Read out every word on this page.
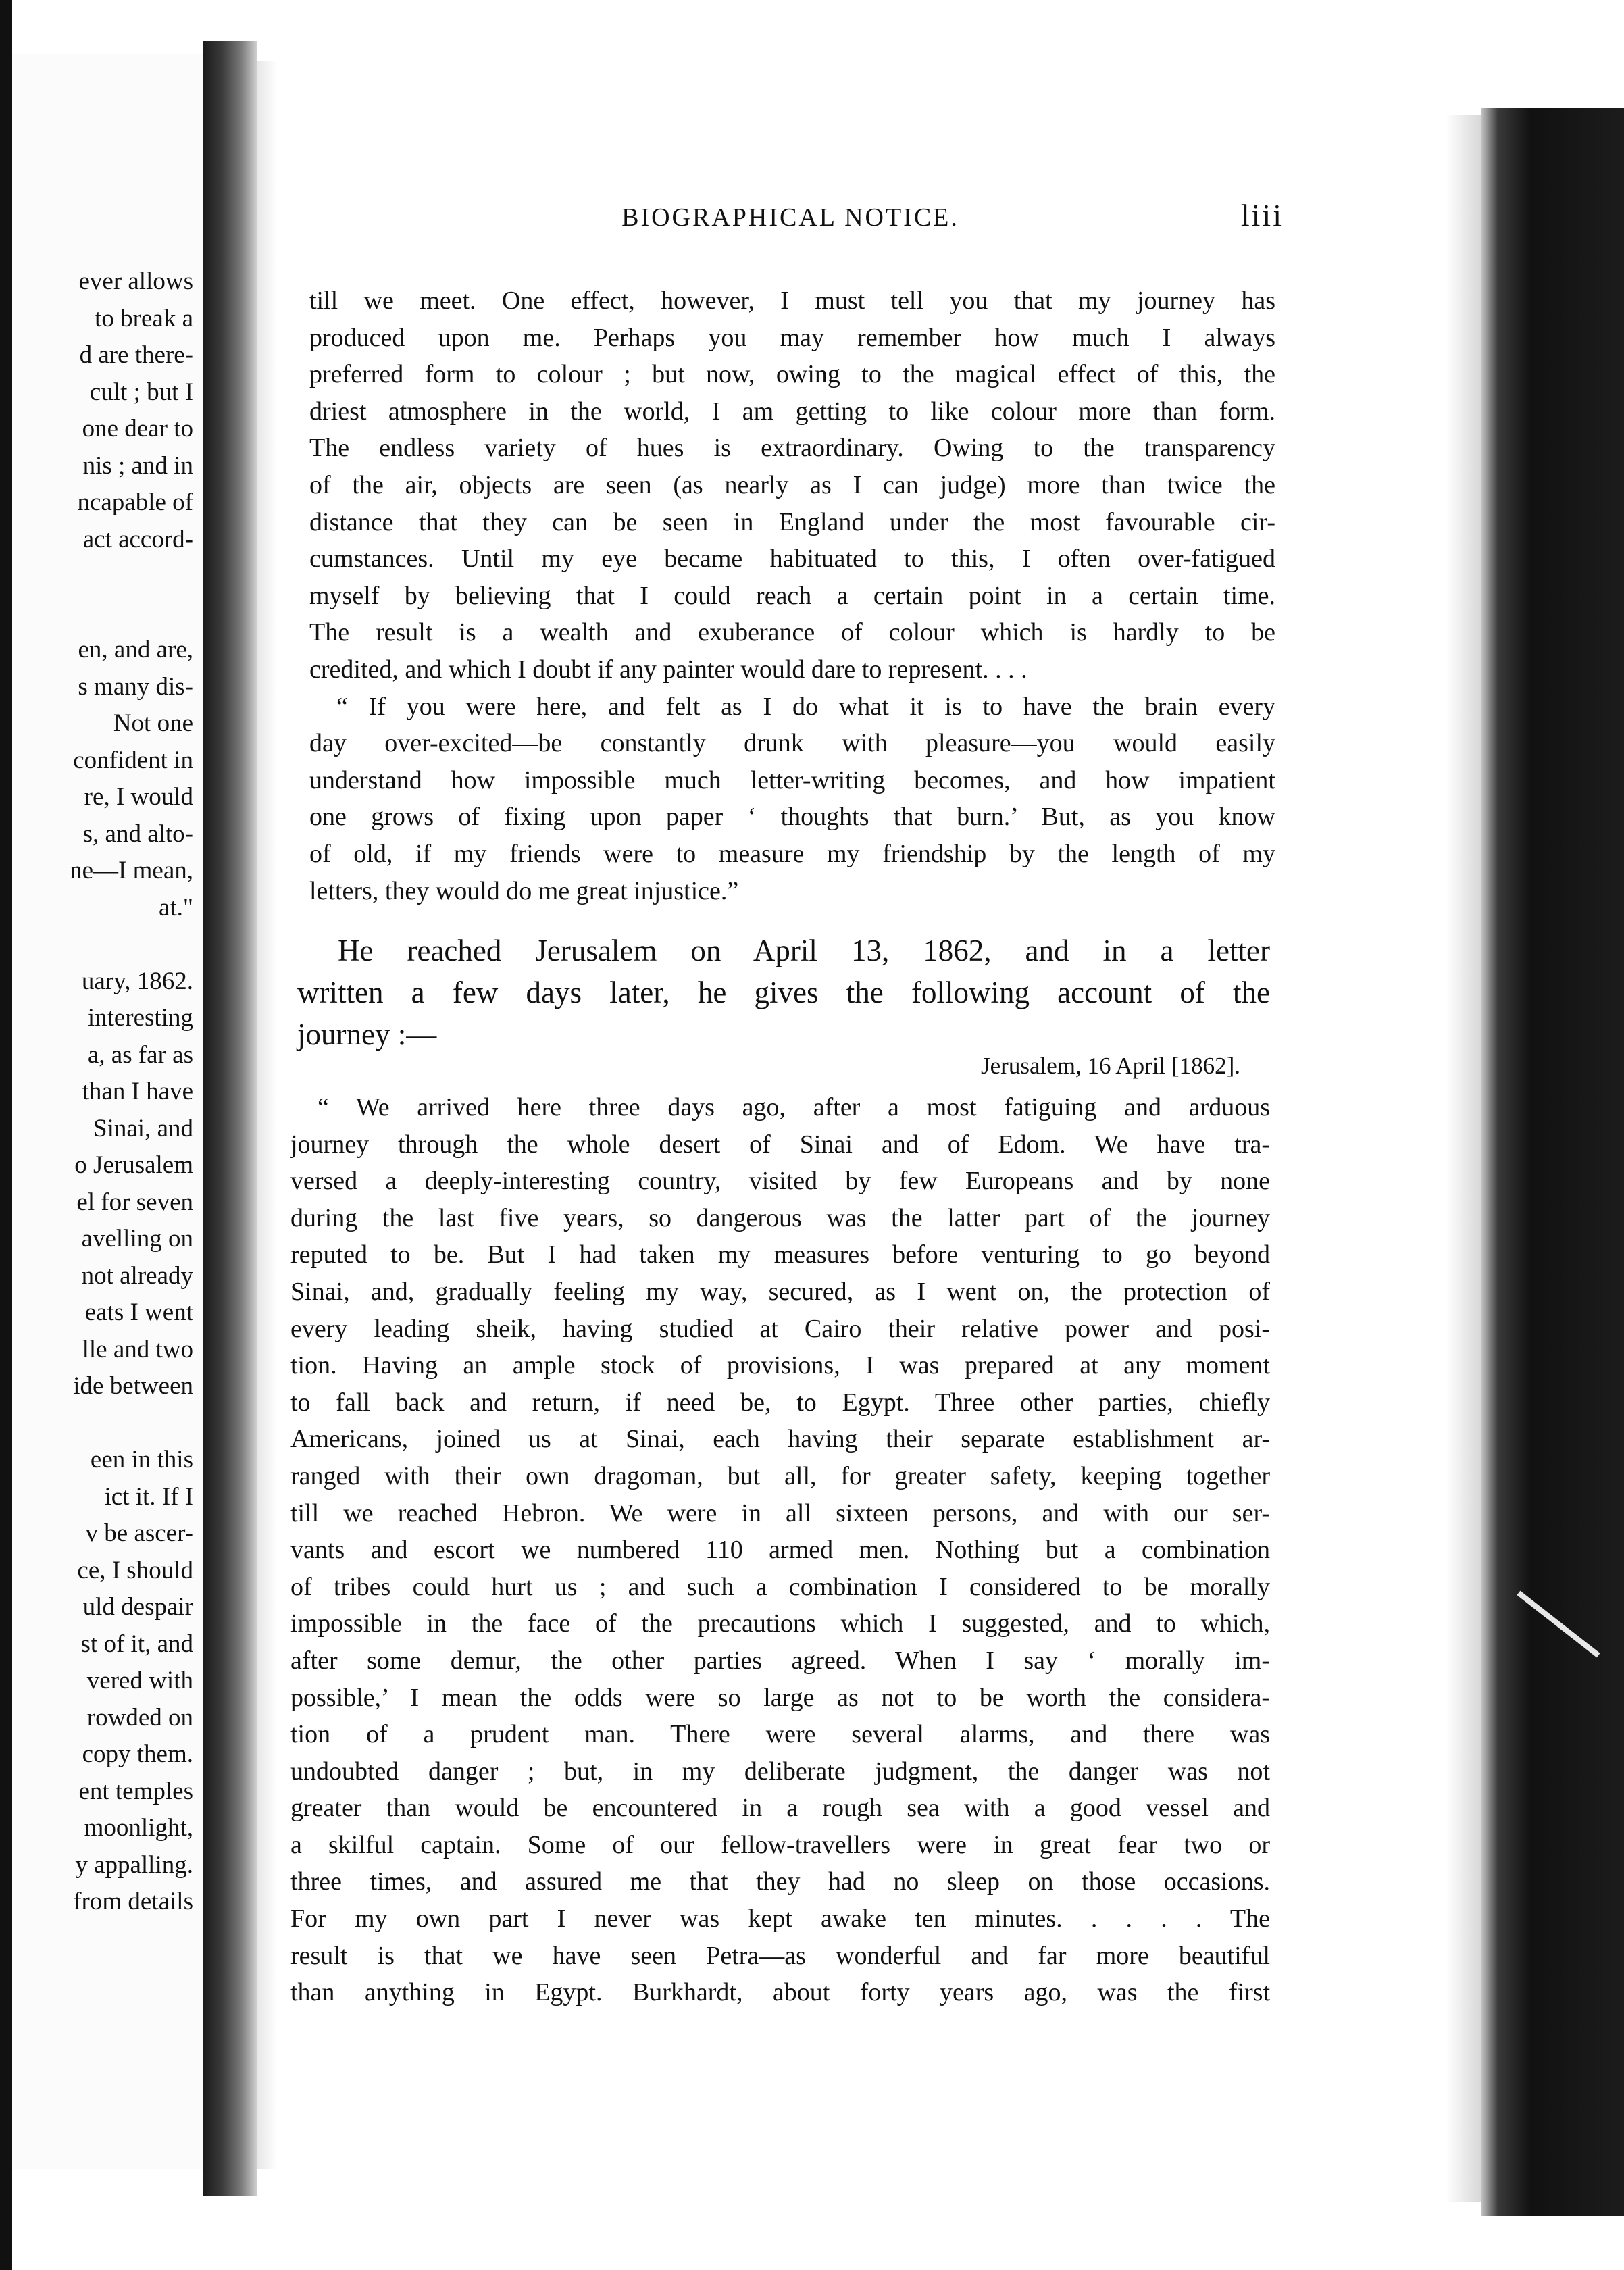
ever allows
to break a
d are there-
cult ; but I
one dear to
nis ; and in
ncapable of
act accord-
en, and are,
s many dis-
Not one
confident in
re, I would
s, and alto-
ne—I mean,
at."
uary, 1862.
interesting
a, as far as
than I have
Sinai, and
o Jerusalem
el for seven
avelling on
not already
eats I went
lle and two
ide between
een in this
ict it. If I
v be ascer-
ce, I should
uld despair
st of it, and
vered with
rowded on
copy them.
ent temples
moonlight,
y appalling.
from details
BIOGRAPHICAL NOTICE.	liii
till we meet. One effect, however, I must tell you that my journey has
produced upon me. Perhaps you may remember how much I always
preferred form to colour ; but now, owing to the magical effect of this, the
driest atmosphere in the world, I am getting to like colour more than form.
The endless variety of hues is extraordinary. Owing to the transparency
of the air, objects are seen (as nearly as I can judge) more than twice the
distance that they can be seen in England under the most favourable cir-
cumstances. Until my eye became habituated to this, I often over-fatigued
myself by believing that I could reach a certain point in a certain time.
The result is a wealth and exuberance of colour which is hardly to be
credited, and which I doubt if any painter would dare to represent. . . .
“ If you were here, and felt as I do what it is to have the brain every
day over-excited—be constantly drunk with pleasure—you would easily
understand how impossible much letter-writing becomes, and how impatient
one grows of fixing upon paper ‘ thoughts that burn.’ But, as you know
of old, if my friends were to measure my friendship by the length of my
letters, they would do me great injustice.”
He reached Jerusalem on April 13, 1862, and in a letter
written a few days later, he gives the following account of the
journey :—
Jerusalem, 16 April [1862].
“ We arrived here three days ago, after a most fatiguing and arduous
journey through the whole desert of Sinai and of Edom. We have tra-
versed a deeply-interesting country, visited by few Europeans and by none
during the last five years, so dangerous was the latter part of the journey
reputed to be. But I had taken my measures before venturing to go beyond
Sinai, and, gradually feeling my way, secured, as I went on, the protection of
every leading sheik, having studied at Cairo their relative power and posi-
tion. Having an ample stock of provisions, I was prepared at any moment
to fall back and return, if need be, to Egypt. Three other parties, chiefly
Americans, joined us at Sinai, each having their separate establishment ar-
ranged with their own dragoman, but all, for greater safety, keeping together
till we reached Hebron. We were in all sixteen persons, and with our ser-
vants and escort we numbered 110 armed men. Nothing but a combination
of tribes could hurt us ; and such a combination I considered to be morally
impossible in the face of the precautions which I suggested, and to which,
after some demur, the other parties agreed. When I say ‘ morally im-
possible,’ I mean the odds were so large as not to be worth the considera-
tion of a prudent man. There were several alarms, and there was
undoubted danger ; but, in my deliberate judgment, the danger was not
greater than would be encountered in a rough sea with a good vessel and
a skilful captain. Some of our fellow-travellers were in great fear two or
three times, and assured me that they had no sleep on those occasions.
For my own part I never was kept awake ten minutes. . . . . The
result is that we have seen Petra—as wonderful and far more beautiful
than anything in Egypt. Burkhardt, about forty years ago, was the first
